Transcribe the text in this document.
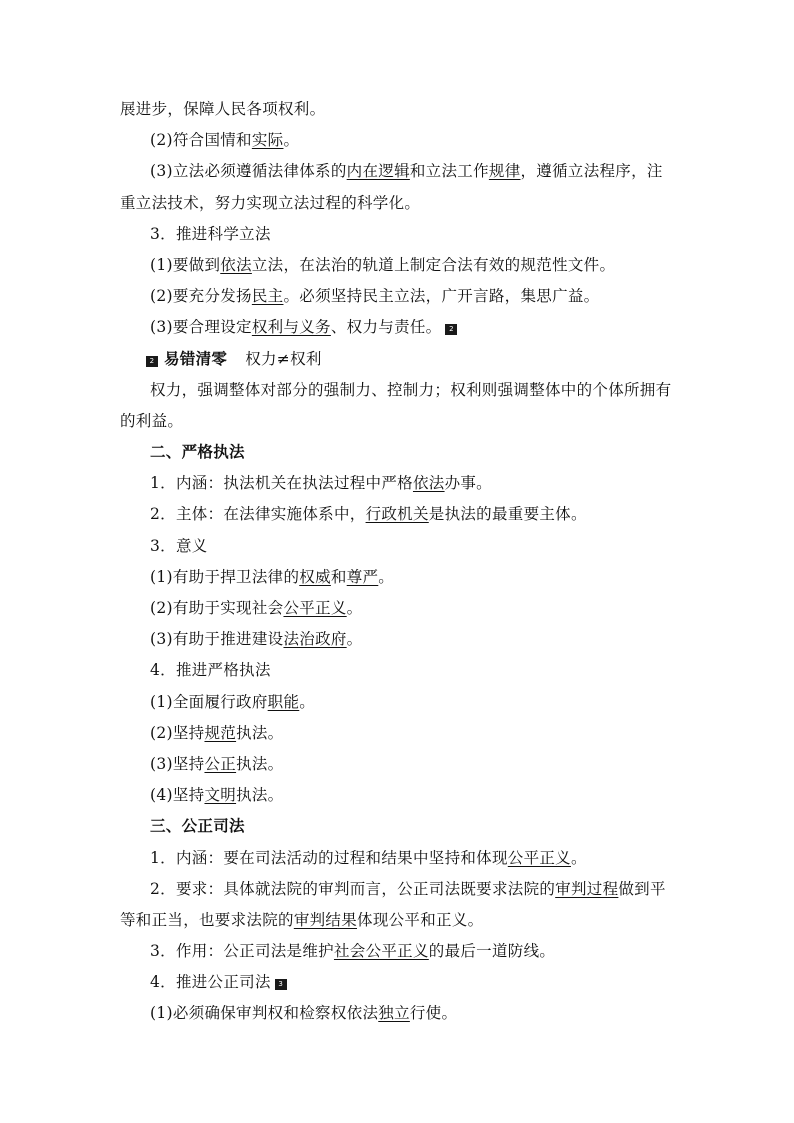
展进步，保障人民各项权利。
(2)符合国情和实际。
(3)立法必须遵循法律体系的内在逻辑和立法工作规律，遵循立法程序，注
重立法技术，努力实现立法过程的科学化。
3．推进科学立法
(1)要做到依法立法，在法治的轨道上制定合法有效的规范性文件。
(2)要充分发扬民主。必须坚持民主立法，广开言路，集思广益。
(3)要合理设定权利与义务、权力与责任。 2
2 易错清零 权力≠权利
权力，强调整体对部分的强制力、控制力；权利则强调整体中的个体所拥有
的利益。
二、严格执法
1．内涵：执法机关在执法过程中严格依法办事。
2．主体：在法律实施体系中，行政机关是执法的最重要主体。
3．意义
(1)有助于捍卫法律的权威和尊严。
(2)有助于实现社会公平正义。
(3)有助于推进建设法治政府。
4．推进严格执法
(1)全面履行政府职能。
(2)坚持规范执法。
(3)坚持公正执法。
(4)坚持文明执法。
三、公正司法
1．内涵：要在司法活动的过程和结果中坚持和体现公平正义。
2．要求：具体就法院的审判而言，公正司法既要求法院的审判过程做到平
等和正当，也要求法院的审判结果体现公平和正义。
3．作用：公正司法是维护社会公平正义的最后一道防线。
4．推进公正司法 3
(1)必须确保审判权和检察权依法独立行使。
